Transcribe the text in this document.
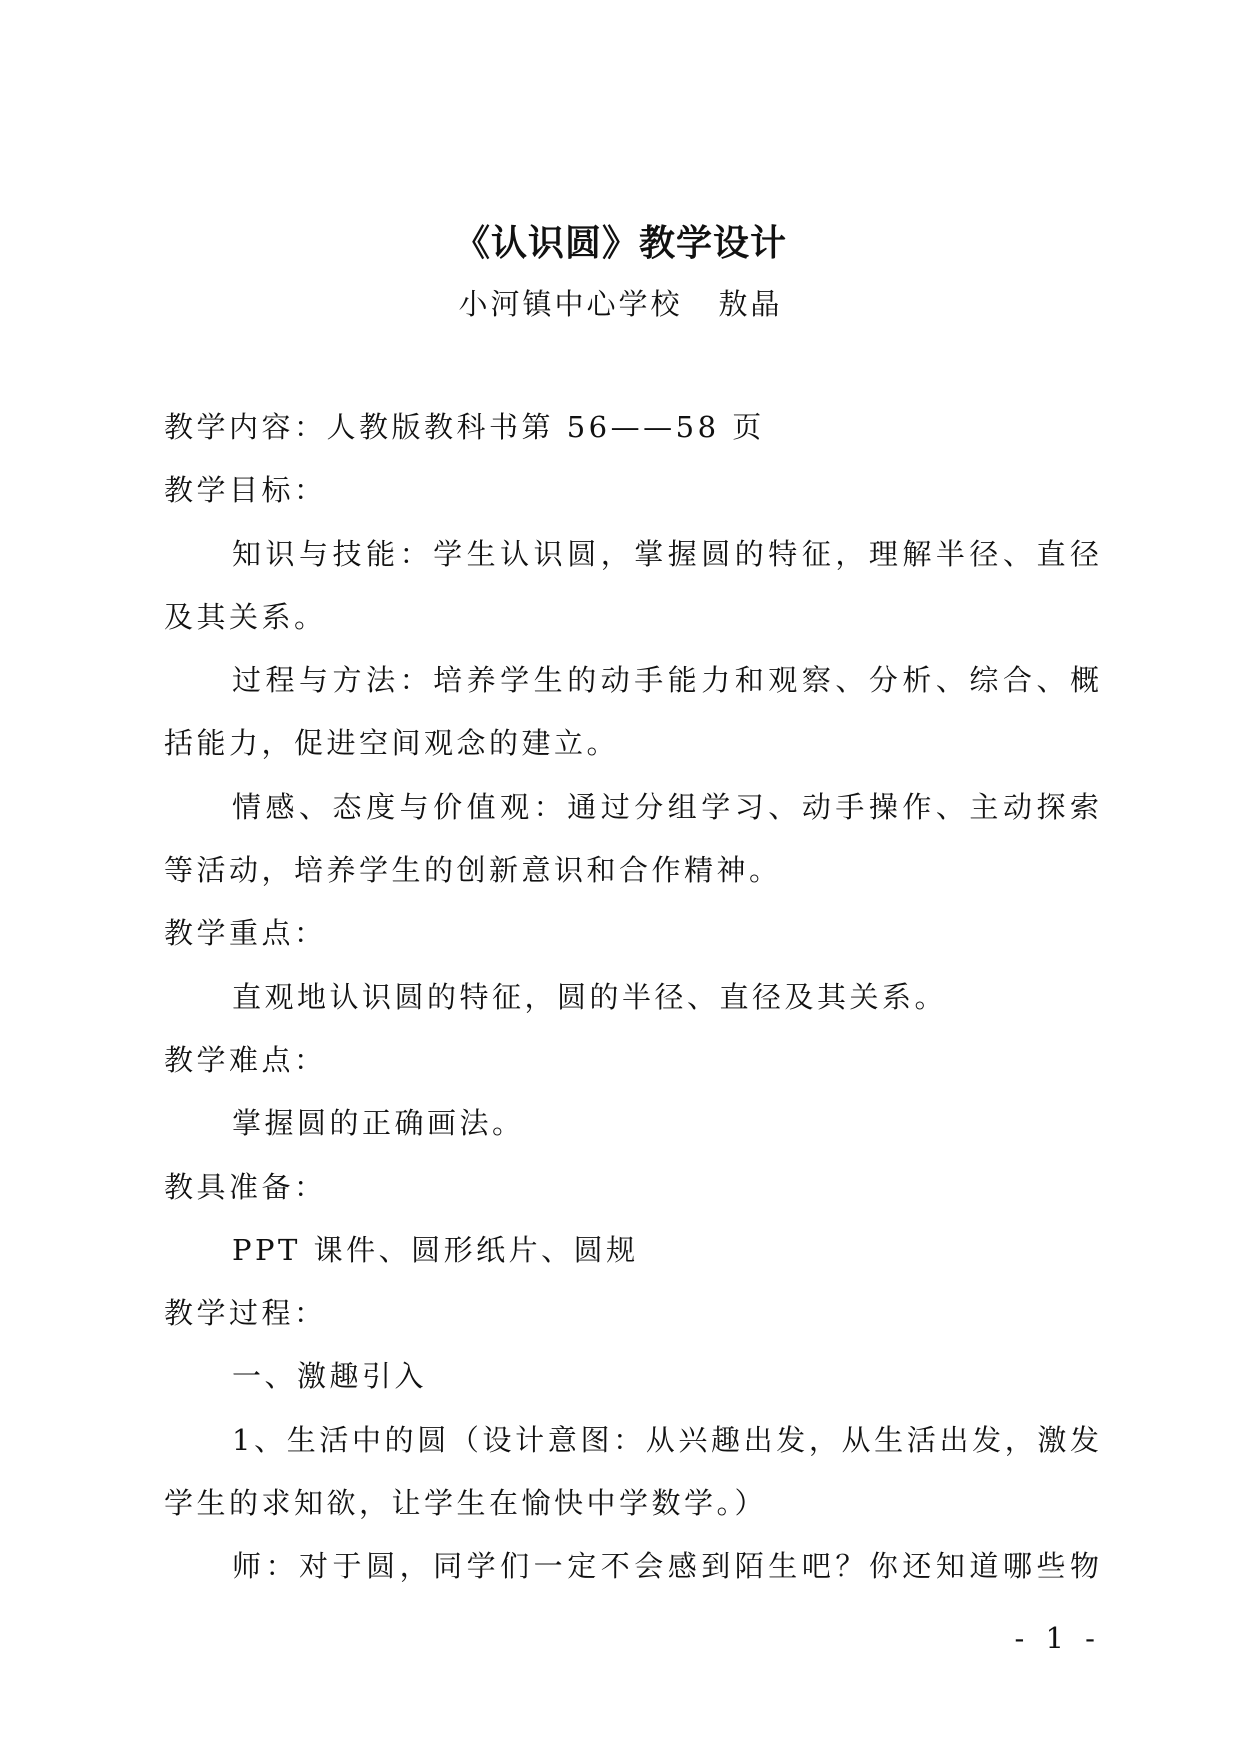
《认识圆》教学设计
小河镇中心学校 敖晶
教学内容：人教版教科书第 56——58 页
教学目标：
知识与技能：学生认识圆，掌握圆的特征，理解半径、直径
及其关系。
过程与方法：培养学生的动手能力和观察、分析、综合、概
括能力，促进空间观念的建立。
情感、态度与价值观：通过分组学习、动手操作、主动探索
等活动，培养学生的创新意识和合作精神。
教学重点：
直观地认识圆的特征，圆的半径、直径及其关系。
教学难点：
掌握圆的正确画法。
教具准备：
PPT 课件、圆形纸片、圆规
教学过程：
一、激趣引入
1、生活中的圆（设计意图：从兴趣出发，从生活出发，激发
学生的求知欲，让学生在愉快中学数学。）
师：对于圆，同学们一定不会感到陌生吧？你还知道哪些物
- 1 -
